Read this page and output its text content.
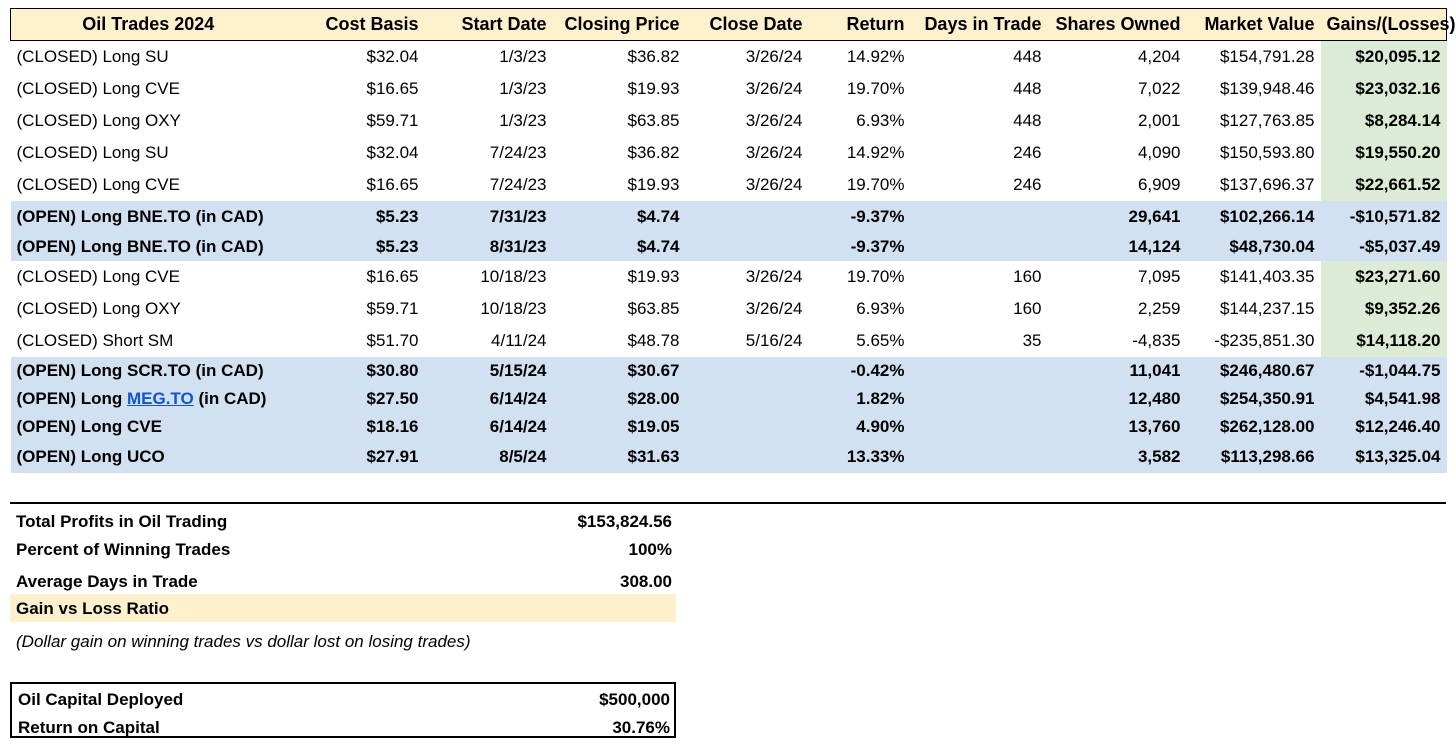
Oil Trades 2024	Cost Basis	Start Date	Closing Price	Close Date	Return	Days in Trade	Shares Owned	Market Value	Gains/(Losses)
(CLOSED) Long SU	$32.04	1/3/23	$36.82	3/26/24	14.92%	448	4,204	$154,791.28	$20,095.12
(CLOSED) Long CVE	$16.65	1/3/23	$19.93	3/26/24	19.70%	448	7,022	$139,948.46	$23,032.16
(CLOSED) Long OXY	$59.71	1/3/23	$63.85	3/26/24	6.93%	448	2,001	$127,763.85	$8,284.14
(CLOSED) Long SU	$32.04	7/24/23	$36.82	3/26/24	14.92%	246	4,090	$150,593.80	$19,550.20
(CLOSED) Long CVE	$16.65	7/24/23	$19.93	3/26/24	19.70%	246	6,909	$137,696.37	$22,661.52
(OPEN) Long BNE.TO (in CAD)	$5.23	7/31/23	$4.74		-9.37%		29,641	$102,266.14	-$10,571.82
(OPEN) Long BNE.TO (in CAD)	$5.23	8/31/23	$4.74		-9.37%		14,124	$48,730.04	-$5,037.49
(CLOSED) Long CVE	$16.65	10/18/23	$19.93	3/26/24	19.70%	160	7,095	$141,403.35	$23,271.60
(CLOSED) Long OXY	$59.71	10/18/23	$63.85	3/26/24	6.93%	160	2,259	$144,237.15	$9,352.26
(CLOSED) Short SM	$51.70	4/11/24	$48.78	5/16/24	5.65%	35	-4,835	-$235,851.30	$14,118.20
(OPEN) Long SCR.TO (in CAD)	$30.80	5/15/24	$30.67		-0.42%		11,041	$246,480.67	-$1,044.75
(OPEN) Long MEG.TO (in CAD)	$27.50	6/14/24	$28.00		1.82%		12,480	$254,350.91	$4,541.98
(OPEN) Long CVE	$18.16	6/14/24	$19.05		4.90%		13,760	$262,128.00	$12,246.40
(OPEN) Long UCO	$27.91	8/5/24	$31.63		13.33%		3,582	$113,298.66	$13,325.04
Total Profits in Oil Trading	$153,824.56
Percent of Winning Trades	100%
Average Days in Trade	308.00
Gain vs Loss Ratio
(Dollar gain on winning trades vs dollar lost on losing trades)
Oil Capital Deployed	$500,000
Return on Capital	30.76%
